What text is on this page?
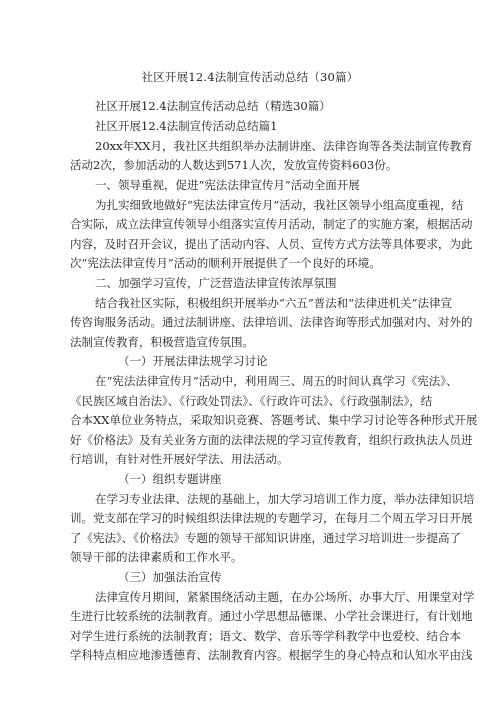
社区开展12.4法制宣传活动总结（30篇）
社区开展12.4法制宣传活动总结（精选30篇）
社区开展12.4法制宣传活动总结篇1
20xx年XX月，我社区共组织举办法制讲座、法律咨询等各类法制宣传教育
活动2次，参加活动的人数达到571人次，发放宣传资料603份。
一、领导重视，促进“宪法法律宣传月”活动全面开展
为扎实细致地做好“宪法法律宣传月”活动，我社区领导小组高度重视，结
合实际，成立法律宣传领导小组落实宣传月活动，制定了的实施方案，根据活动
内容，及时召开会议，提出了活动内容、人员、宣传方式方法等具体要求，为此
次“宪法法律宣传月”活动的顺利开展提供了一个良好的环境。
二、加强学习宣传，广泛营造法律宣传浓厚氛围
结合我社区实际，积极组织开展举办“六五”普法和“法律进机关”法律宣
传咨询服务活动。通过法制讲座、法律培训、法律咨询等形式加强对内、对外的
法制宣传教育，积极营造宣传氛围。
（一）开展法律法规学习讨论
在“宪法法律宣传月”活动中，利用周三、周五的时间认真学习《宪法》、
《民族区域自治法》、《行政处罚法》、《行政许可法》、《行政强制法》，结
合本XX单位业务特点，采取知识竞赛、答题考试、集中学习讨论等各种形式开展
好《价格法》及有关业务方面的法律法规的学习宣传教育，组织行政执法人员进
行培训，有针对性开展好学法、用法活动。
（一）组织专题讲座
在学习专业法律、法规的基础上，加大学习培训工作力度，举办法律知识培
训。党支部在学习的时候组织法律法规的专题学习，在每月二个周五学习日开展
了《宪法》、《价格法》专题的领导干部知识讲座，通过学习培训进一步提高了
领导干部的法律素质和工作水平。
（三）加强法治宣传
法律宣传月期间，紧紧围绕活动主题，在办公场所、办事大厅、用课堂对学
生进行比较系统的法制教育。通过小学思想品德课、小学社会课进行，有计划地
对学生进行系统的法制教育；语文、数学、音乐等学科教学中也爱校、结合本
学科特点相应地渗透德育、法制教育内容。根据学生的身心特点和认知水平由浅
